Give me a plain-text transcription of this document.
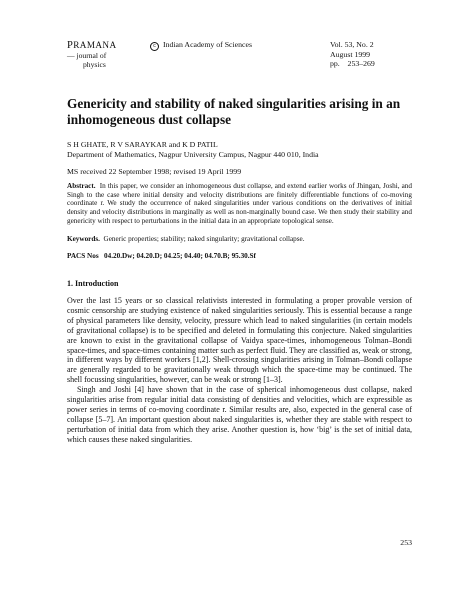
PRAMANA
— journal of
physics
c Indian Academy of Sciences	Vol. 53, No. 2
August 1999
pp.    253–269
Genericity and stability of naked singularities arising in an inhomogeneous dust collapse
S H GHATE, R V SARAYKAR and K D PATIL
Department of Mathematics, Nagpur University Campus, Nagpur 440 010, India
MS received 22 September 1998; revised 19 April 1999
Abstract. In this paper, we consider an inhomogeneous dust collapse, and extend earlier works of Jhingan, Joshi, and Singh to the case where initial density and velocity distributions are finitely differentiable functions of co-moving coordinate r. We study the occurrence of naked singularities under various conditions on the derivatives of initial density and velocity distributions in marginally as well as non-marginally bound case. We then study their stability and genericity with respect to perturbations in the initial data in an appropriate topological sense.
Keywords. Generic properties; stability; naked singularity; gravitational collapse.
PACS Nos 04.20.Dw; 04.20.D; 04.25; 04.40; 04.70.B; 95.30.Sf
1. Introduction

Over the last 15 years or so classical relativists interested in formulating a proper provable version of cosmic censorship are studying existence of naked singularities seriously. This is essential because a range of physical parameters like density, velocity, pressure which lead to naked singularities (in certain models of gravitational collapse) is to be specified and deleted in formulating this conjecture. Naked singularities are known to exist in the gravitational collapse of Vaidya space-times, inhomogeneous Tolman–Bondi space-times, and space-times containing matter such as perfect fluid. They are classified as, weak or strong, in different ways by different workers [1,2]. Shell-crossing singularities arising in Tolman–Bondi collapse are generally regarded to be gravitationally weak through which the space-time may be continued. The shell focussing singularities, however, can be weak or strong [1–3].

Singh and Joshi [4] have shown that in the case of spherical inhomogeneous dust collapse, naked singularities arise from regular initial data consisting of densities and velocities, which are expressible as power series in terms of co-moving coordinate r. Similar results are, also, expected in the general case of collapse [5–7]. An important question about naked singularities is, whether they are stable with respect to perturbation of initial data from which they arise. Another question is, how ‘big’ is the set of initial data, which causes these naked singularities.

253
